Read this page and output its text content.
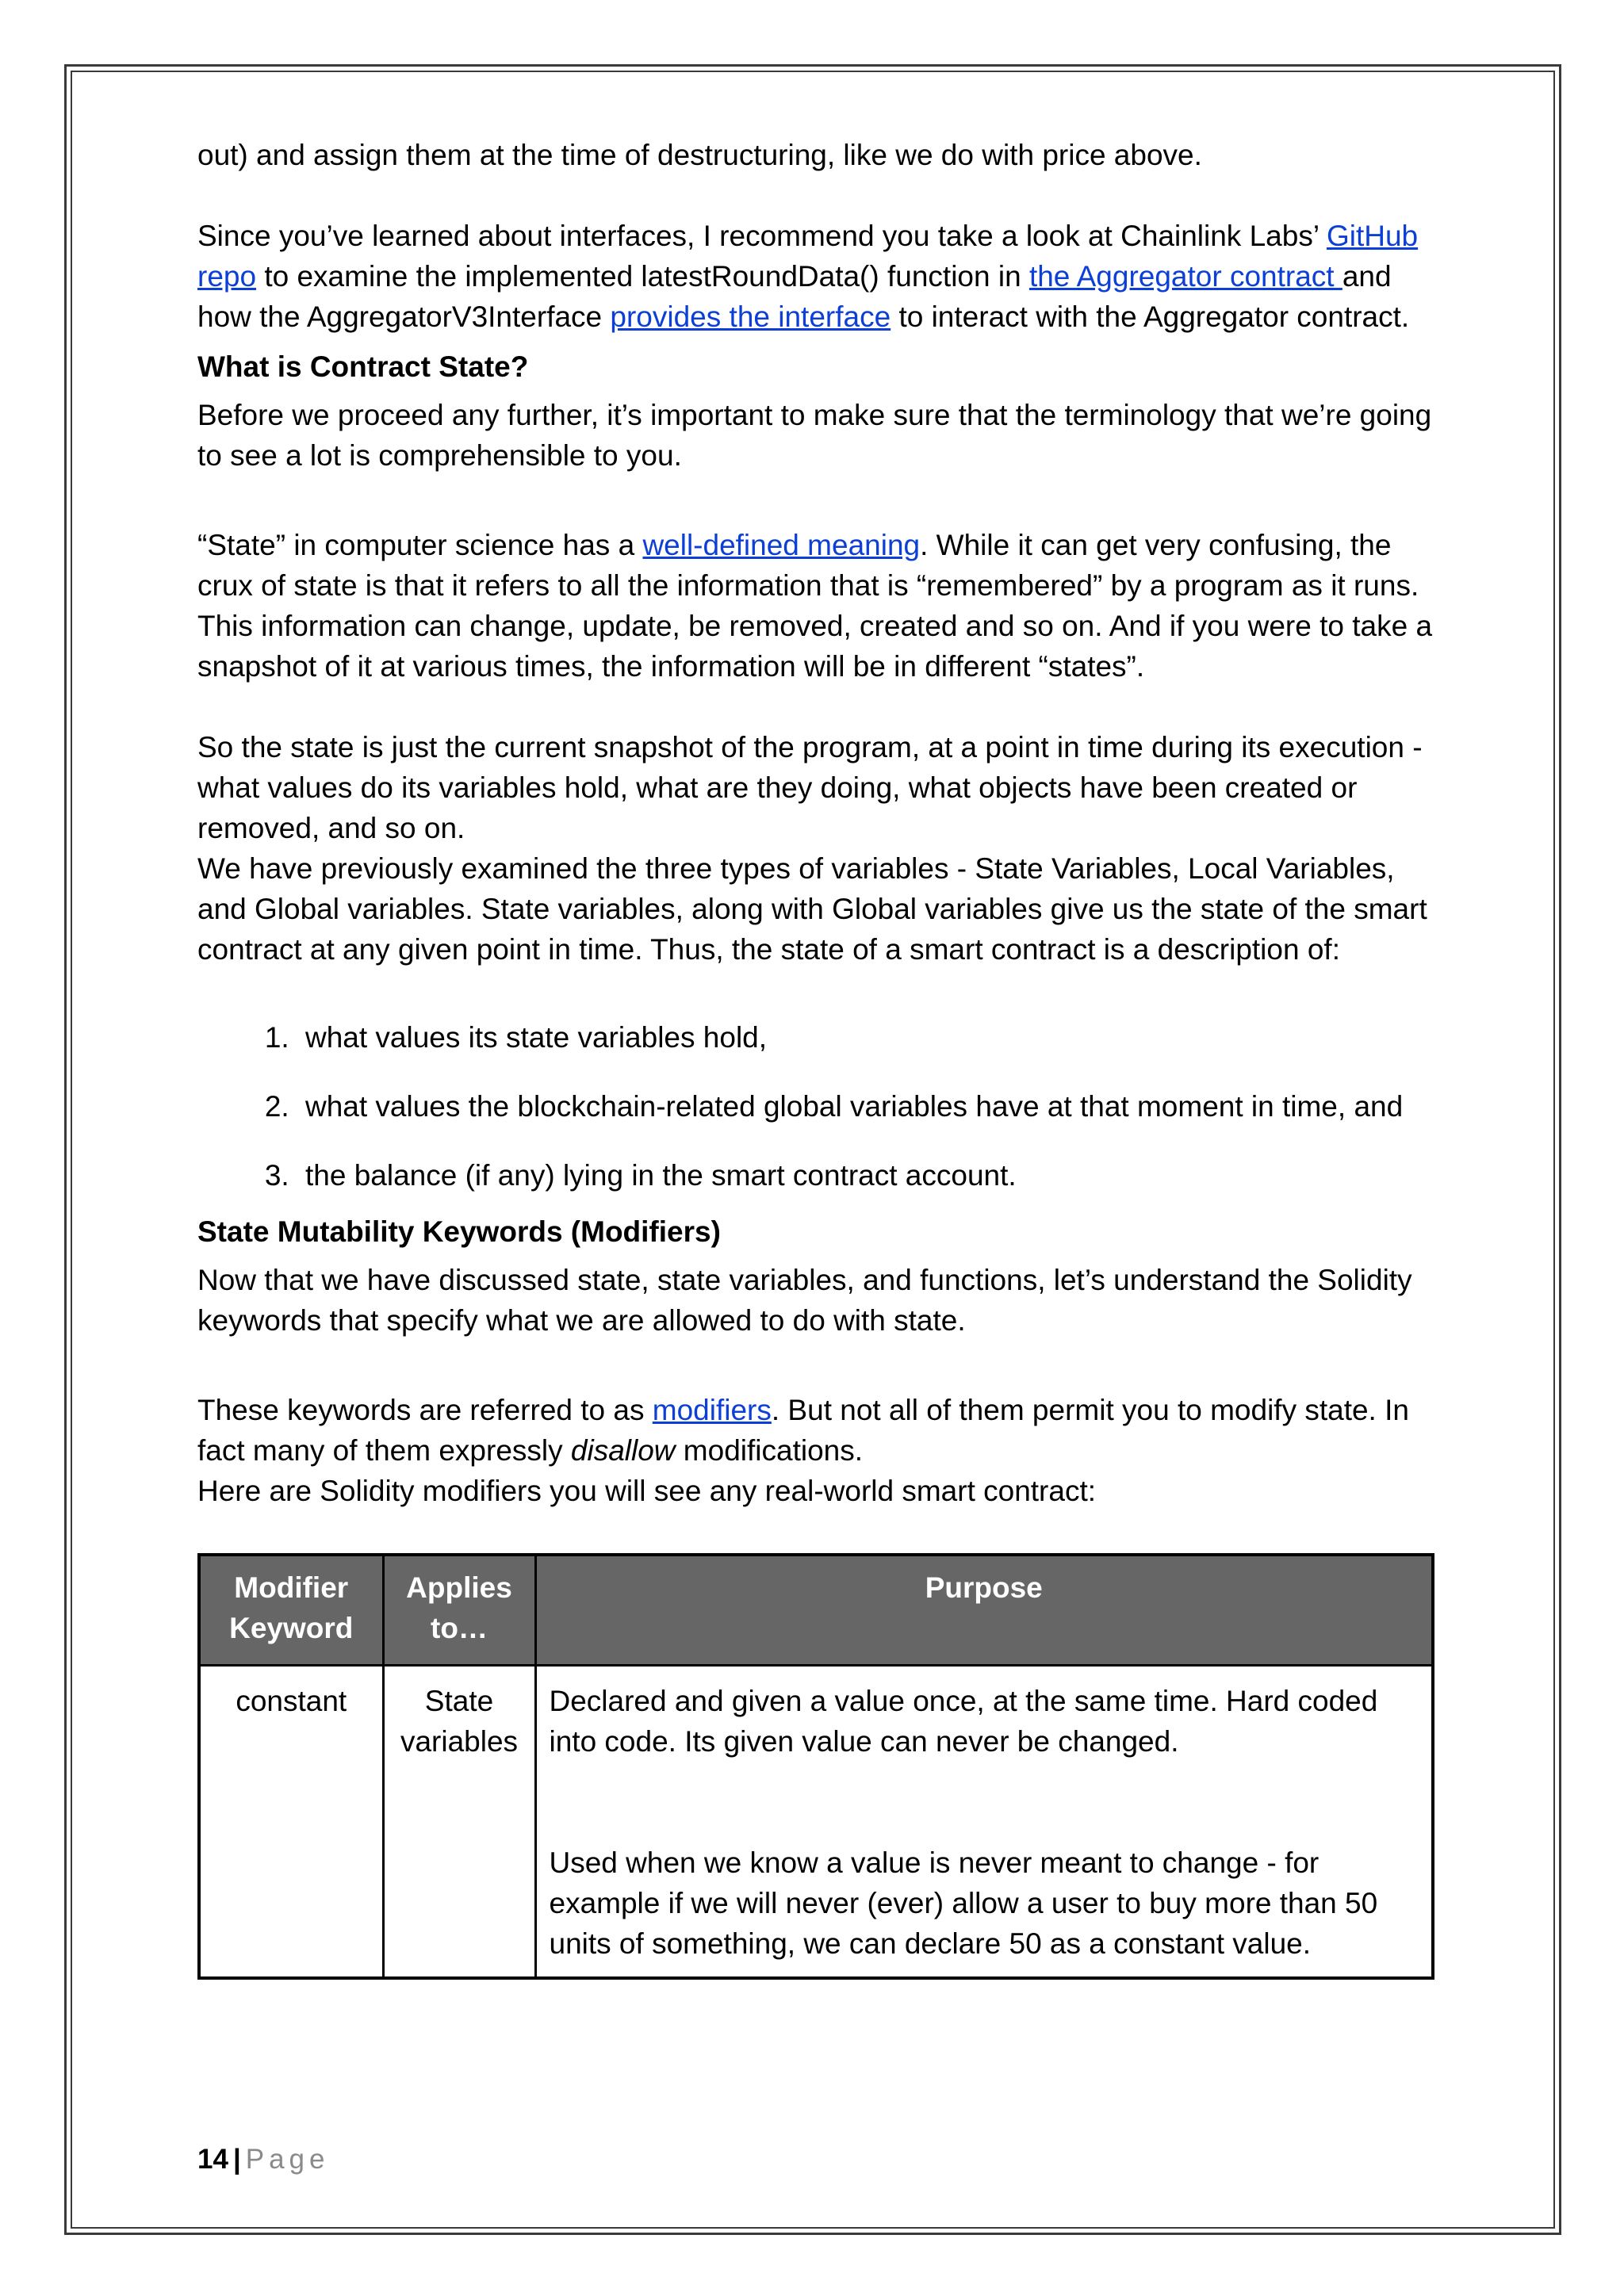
out) and assign them at the time of destructuring, like we do with price above.

Since you’ve learned about interfaces, I recommend you take a look at Chainlink Labs’ GitHub repo to examine the implemented latestRoundData() function in the Aggregator contract and how the AggregatorV3Interface provides the interface to interact with the Aggregator contract.

What is Contract State?

Before we proceed any further, it’s important to make sure that the terminology that we’re going to see a lot is comprehensible to you.

“State” in computer science has a well-defined meaning. While it can get very confusing, the crux of state is that it refers to all the information that is “remembered” by a program as it runs. This information can change, update, be removed, created and so on. And if you were to take a snapshot of it at various times, the information will be in different “states”.

So the state is just the current snapshot of the program, at a point in time during its execution - what values do its variables hold, what are they doing, what objects have been created or removed, and so on.

We have previously examined the three types of variables - State Variables, Local Variables, and Global variables. State variables, along with Global variables give us the state of the smart contract at any given point in time. Thus, the state of a smart contract is a description of:

1. what values its state variables hold,
2. what values the blockchain-related global variables have at that moment in time, and
3. the balance (if any) lying in the smart contract account.
State Mutability Keywords (Modifiers)

Now that we have discussed state, state variables, and functions, let’s understand the Solidity keywords that specify what we are allowed to do with state.

These keywords are referred to as modifiers. But not all of them permit you to modify state. In fact many of them expressly disallow modifications.

Here are Solidity modifiers you will see any real-world smart contract:

Modifier Keyword	Applies to…	Purpose
constant	State variables	Declared and given a value once, at the same time. Hard coded into code. Its given value can never be changed.
Used when we know a value is never meant to change - for example if we will never (ever) allow a user to buy more than 50 units of something, we can declare 50 as a constant value.
14 | Page
